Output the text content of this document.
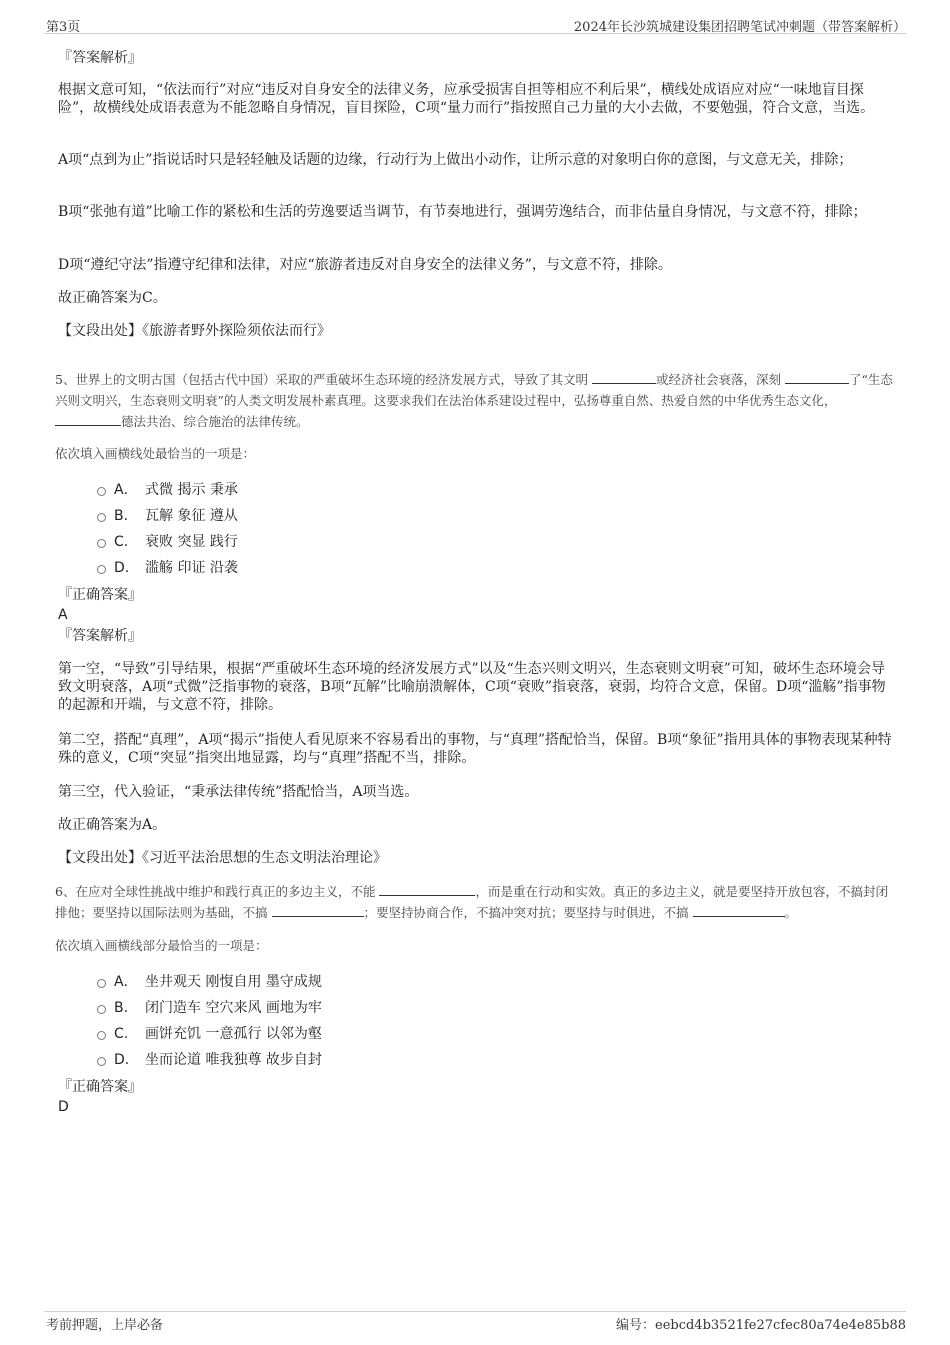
第3页	2024年长沙筑城建设集团招聘笔试冲刺题（带答案解析）
『答案解析』
根据文意可知，“依法而行”对应“违反对自身安全的法律义务，应承受损害自担等相应不利后果”，横线处成语应对应“一味地盲目探险”，故横线处成语表意为不能忽略自身情况，盲目探险，C项“量力而行”指按照自己力量的大小去做，不要勉强，符合文意，当选。
A项“点到为止”指说话时只是轻轻触及话题的边缘，行动行为上做出小动作，让所示意的对象明白你的意图，与文意无关，排除；
B项“张弛有道”比喻工作的紧松和生活的劳逸要适当调节，有节奏地进行，强调劳逸结合，而非估量自身情况，与文意不符，排除；
D项“遵纪守法”指遵守纪律和法律，对应“旅游者违反对自身安全的法律义务”，与文意不符，排除。
故正确答案为C。
【文段出处】《旅游者野外探险须依法而行》
5、世界上的文明古国（包括古代中国）采取的严重破坏生态环境的经济发展方式，导致了其文明	或经济社会衰落，深刻	了“生态兴则文明兴，生态衰则文明衰”的人类文明发展朴素真理。这要求我们在法治体系建设过程中，弘扬尊重自然、热爱自然的中华优秀生态文化， 德法共治、综合施治的法律传统。
依次填入画横线处最恰当的一项是：
A． 式微 揭示 秉承
B.	瓦解 象征 遵从
C.	衰败 突显 践行
D.	滥觞 印证 沿袭
『正确答案』
A
『答案解析』
第一空，“导致”引导结果，根据“严重破坏生态环境的经济发展方式”以及“生态兴则文明兴，生态衰则文明衰”可知，破坏生态环境会导致文明衰落，A项“式微”泛指事物的衰落，B项“瓦解”比喻崩溃解体，C项“衰败”指衰落，衰弱，均符合文意，保留。D项“滥觞”指事物的起源和开端，与文意不符，排除。
第二空，搭配“真理”，A项“揭示”指使人看见原来不容易看出的事物，与“真理”搭配恰当，保留。B项“象征”指用具体的事物表现某种特殊的意义，C项“突显”指突出地显露，均与“真理”搭配不当，排除。
第三空，代入验证，“秉承法律传统”搭配恰当，A项当选。
故正确答案为A。
【文段出处】《习近平法治思想的生态文明法治理论》
6、在应对全球性挑战中维护和践行真正的多边主义，不能	，而是重在行动和实效。真正的多边主义，就是要坚持开放包容，不搞封闭排他；要坚持以国际法则为基础，不搞	；要坚持协商合作，不搞冲突对抗；要坚持与时俱进，不搞	。
依次填入画横线部分最恰当的一项是：
A． 坐井观天 刚愎自用 墨守成规
B.	闭门造车 空穴来风 画地为牢
C.	画饼充饥 一意孤行 以邻为壑
D.	坐而论道 唯我独尊 故步自封
『正确答案』
D
考前押题，上岸必备	编号：eebcd4b3521fe27cfec80a74e4e85b88
